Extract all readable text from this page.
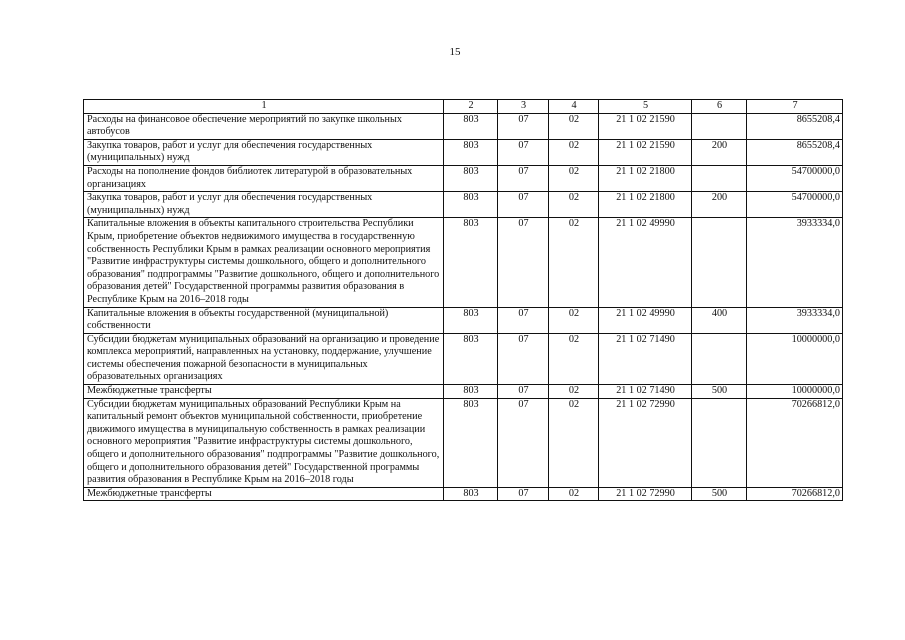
15
1	2	3	4	5	6	7
Расходы на финансовое обеспечение мероприятий по закупке школьных автобусов	803	07	02	21 1 02 21590		8655208,4
Закупка товаров, работ и услуг для обеспечения государственных (муниципальных) нужд	803	07	02	21 1 02 21590	200	8655208,4
Расходы на пополнение фондов библиотек литературой в образовательных организациях	803	07	02	21 1 02 21800		54700000,0
Закупка товаров, работ и услуг для обеспечения государственных (муниципальных) нужд	803	07	02	21 1 02 21800	200	54700000,0
Капитальные вложения в объекты капитального строительства Республики Крым, приобретение объектов недвижимого имущества в государственную собственность Республики Крым в рамках реализации основного мероприятия "Развитие инфраструктуры системы дошкольного, общего и дополнительного образования" подпрограммы "Развитие дошкольного, общего и дополнительного образования детей" Государственной программы развития образования в Республике Крым на 2016–2018 годы	803	07	02	21 1 02 49990		3933334,0
Капитальные вложения в объекты государственной (муниципальной) собственности	803	07	02	21 1 02 49990	400	3933334,0
Субсидии бюджетам муниципальных образований на организацию и проведение комплекса мероприятий, направленных на установку, поддержание, улучшение системы обеспечения пожарной безопасности в муниципальных образовательных организациях	803	07	02	21 1 02 71490		10000000,0
Межбюджетные трансферты	803	07	02	21 1 02 71490	500	10000000,0
Субсидии бюджетам муниципальных образований Республики Крым на капитальный ремонт объектов муниципальной собственности, приобретение движимого имущества в муниципальную собственность в рамках реализации основного мероприятия "Развитие инфраструктуры системы дошкольного, общего и дополнительного образования" подпрограммы "Развитие дошкольного, общего и дополнительного образования детей" Государственной программы развития образования в Республике Крым на 2016–2018 годы	803	07	02	21 1 02 72990		70266812,0
Межбюджетные трансферты	803	07	02	21 1 02 72990	500	70266812,0
